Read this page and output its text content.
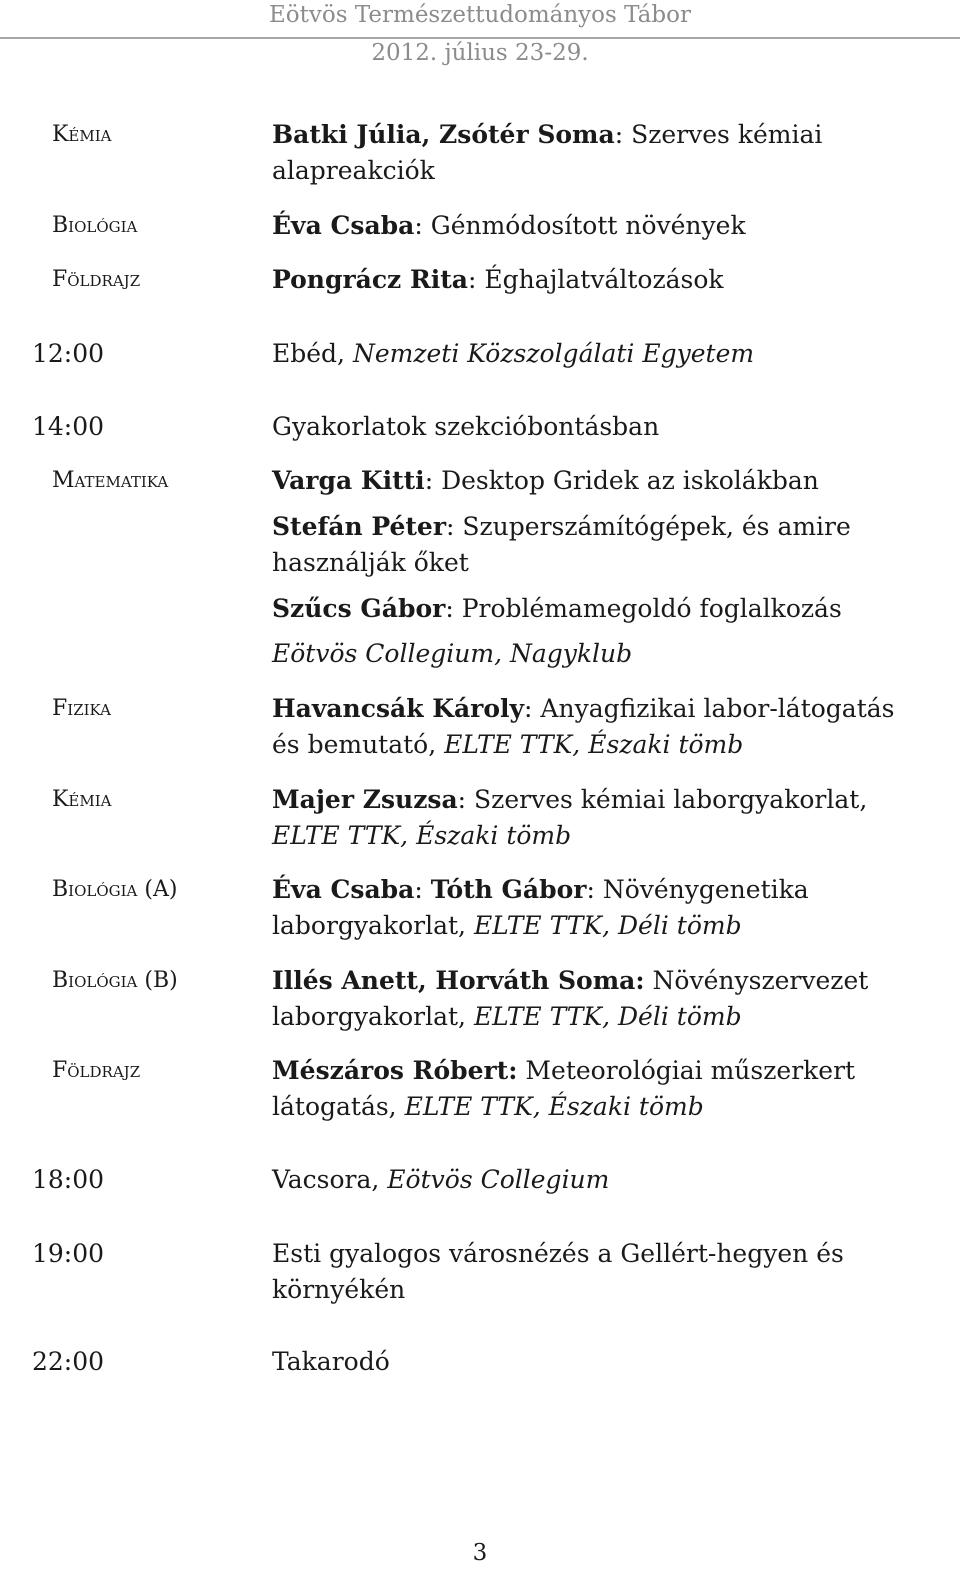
Eötvös Természettudományos Tábor
2012. július 23-29.
Kémia	Batki Júlia, Zsótér Soma: Szerves kémiai alapreakciók
Biológia	Éva Csaba: Génmódosított növények
Földrajz	Pongrácz Rita: Éghajlatváltozások
12:00	Ebéd, Nemzeti Közszolgálati Egyetem
14:00	Gyakorlatok szekcióbontásban
Matematika	Varga Kitti: Desktop Gridek az iskolákban
Stefán Péter: Szuperszámítógépek, és amire használják őket
Szűcs Gábor: Problémamegoldó foglalkozás
Eötvös Collegium, Nagyklub
Fizika	Havancsák Károly: Anyagfizikai labor-látogatás és bemutató, ELTE TTK, Északi tömb
Kémia	Majer Zsuzsa: Szerves kémiai laborgyakorlat, ELTE TTK, Északi tömb
Biológia (A)	Éva Csaba: Tóth Gábor: Növénygenetika laborgyakorlat, ELTE TTK, Déli tömb
Biológia (B)	Illés Anett, Horváth Soma: Növényszervezet laborgyakorlat, ELTE TTK, Déli tömb
Földrajz	Mészáros Róbert: Meteorológiai műszerkert látogatás, ELTE TTK, Északi tömb
18:00	Vacsora, Eötvös Collegium
19:00	Esti gyalogos városnézés a Gellért-hegyen és környékén
22:00	Takarodó
3
